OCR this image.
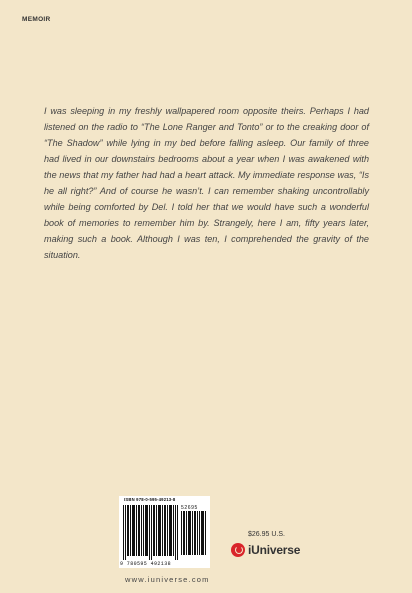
MEMOIR

I was sleeping in my freshly wallpapered room opposite theirs. Perhaps I had listened on the radio to “The Lone Ranger and Tonto” or to the creaking door of “The Shadow” while lying in my bed before falling asleep. Our family of three had lived in our downstairs bedrooms about a year when I was awakened with the news that my father had had a heart attack. My immediate response was, “Is he all right?” And of course he wasn’t. I can remember shaking uncontrollably while being comforted by Del. I told her that we would have such a wonderful book of memories to remember him by. Strangely, here I am, fifty years later, making such a book. Although I was ten, I comprehended the gravity of the situation.

ISBN 978-0-595-49213-8
52695
9 780595 492138
www.iuniverse.com
$26.95 U.S.
iUniverse
